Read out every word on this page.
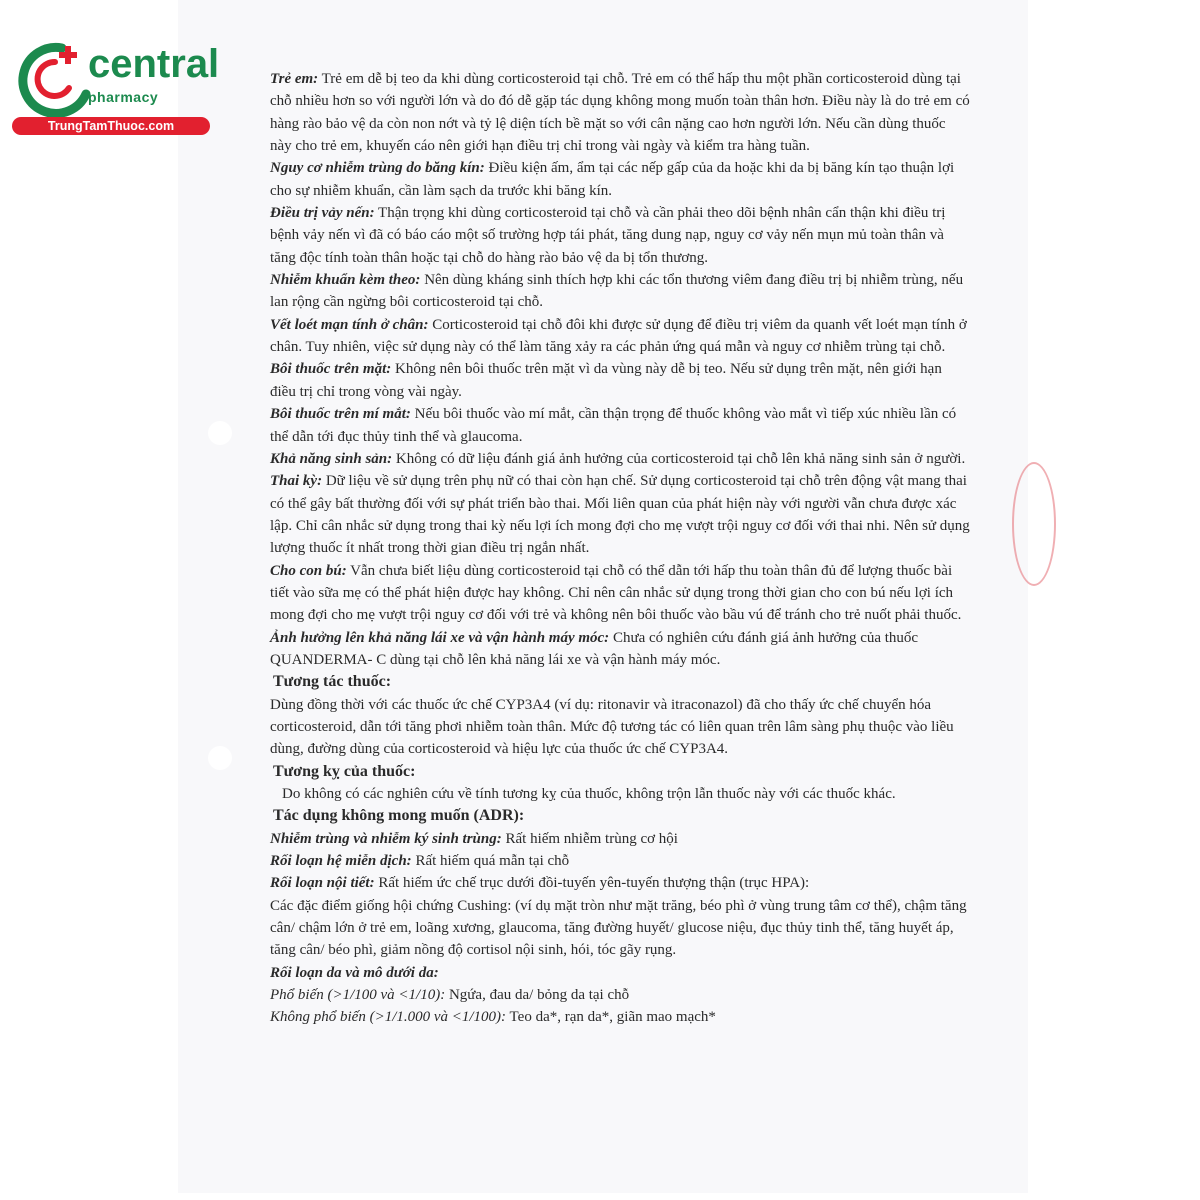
central
pharmacy
TrungTamThuoc.com

Trẻ em: Trẻ em dễ bị teo da khi dùng corticosteroid tại chỗ. Trẻ em có thể hấp thu một phần corticosteroid dùng tại chỗ nhiều hơn so với người lớn và do đó dễ gặp tác dụng không mong muốn toàn thân hơn. Điều này là do trẻ em có hàng rào bảo vệ da còn non nớt và tỷ lệ diện tích bề mặt so với cân nặng cao hơn người lớn. Nếu cần dùng thuốc này cho trẻ em, khuyến cáo nên giới hạn điều trị chỉ trong vài ngày và kiểm tra hàng tuần.

Nguy cơ nhiễm trùng do băng kín: Điều kiện ấm, ẩm tại các nếp gấp của da hoặc khi da bị băng kín tạo thuận lợi cho sự nhiễm khuẩn, cần làm sạch da trước khi băng kín.

Điều trị vảy nến: Thận trọng khi dùng corticosteroid tại chỗ và cần phải theo dõi bệnh nhân cẩn thận khi điều trị bệnh vảy nến vì đã có báo cáo một số trường hợp tái phát, tăng dung nạp, nguy cơ vảy nến mụn mủ toàn thân và tăng độc tính toàn thân hoặc tại chỗ do hàng rào bảo vệ da bị tổn thương.

Nhiễm khuẩn kèm theo: Nên dùng kháng sinh thích hợp khi các tổn thương viêm đang điều trị bị nhiễm trùng, nếu lan rộng cần ngừng bôi corticosteroid tại chỗ.

Vết loét mạn tính ở chân: Corticosteroid tại chỗ đôi khi được sử dụng để điều trị viêm da quanh vết loét mạn tính ở chân. Tuy nhiên, việc sử dụng này có thể làm tăng xảy ra các phản ứng quá mẫn và nguy cơ nhiễm trùng tại chỗ.

Bôi thuốc trên mặt: Không nên bôi thuốc trên mặt vì da vùng này dễ bị teo. Nếu sử dụng trên mặt, nên giới hạn điều trị chỉ trong vòng vài ngày.

Bôi thuốc trên mí mắt: Nếu bôi thuốc vào mí mắt, cần thận trọng để thuốc không vào mắt vì tiếp xúc nhiều lần có thể dẫn tới đục thủy tinh thể và glaucoma.

Khả năng sinh sản: Không có dữ liệu đánh giá ảnh hưởng của corticosteroid tại chỗ lên khả năng sinh sản ở người.

Thai kỳ: Dữ liệu về sử dụng trên phụ nữ có thai còn hạn chế. Sử dụng corticosteroid tại chỗ trên động vật mang thai có thể gây bất thường đối với sự phát triển bào thai. Mối liên quan của phát hiện này với người vẫn chưa được xác lập. Chỉ cân nhắc sử dụng trong thai kỳ nếu lợi ích mong đợi cho mẹ vượt trội nguy cơ đối với thai nhi. Nên sử dụng lượng thuốc ít nhất trong thời gian điều trị ngắn nhất.

Cho con bú: Vẫn chưa biết liệu dùng corticosteroid tại chỗ có thể dẫn tới hấp thu toàn thân đủ để lượng thuốc bài tiết vào sữa mẹ có thể phát hiện được hay không. Chỉ nên cân nhắc sử dụng trong thời gian cho con bú nếu lợi ích mong đợi cho mẹ vượt trội nguy cơ đối với trẻ và không nên bôi thuốc vào bầu vú để tránh cho trẻ nuốt phải thuốc.

Ảnh hưởng lên khả năng lái xe và vận hành máy móc: Chưa có nghiên cứu đánh giá ảnh hưởng của thuốc QUANDERMA- C dùng tại chỗ lên khả năng lái xe và vận hành máy móc.

Tương tác thuốc:

Dùng đồng thời với các thuốc ức chế CYP3A4 (ví dụ: ritonavir và itraconazol) đã cho thấy ức chế chuyển hóa corticosteroid, dẫn tới tăng phơi nhiễm toàn thân. Mức độ tương tác có liên quan trên lâm sàng phụ thuộc vào liều dùng, đường dùng của corticosteroid và hiệu lực của thuốc ức chế CYP3A4.

Tương kỵ của thuốc:

Do không có các nghiên cứu về tính tương kỵ của thuốc, không trộn lẫn thuốc này với các thuốc khác.

Tác dụng không mong muốn (ADR):

Nhiễm trùng và nhiễm ký sinh trùng: Rất hiếm nhiễm trùng cơ hội

Rối loạn hệ miễn dịch: Rất hiếm quá mẫn tại chỗ

Rối loạn nội tiết: Rất hiếm ức chế trục dưới đồi-tuyến yên-tuyến thượng thận (trục HPA):

Các đặc điểm giống hội chứng Cushing: (ví dụ mặt tròn như mặt trăng, béo phì ở vùng trung tâm cơ thể), chậm tăng cân/ chậm lớn ở trẻ em, loãng xương, glaucoma, tăng đường huyết/ glucose niệu, đục thủy tinh thể, tăng huyết áp, tăng cân/ béo phì, giảm nồng độ cortisol nội sinh, hói, tóc gãy rụng.

Rối loạn da và mô dưới da:

Phổ biến (>1/100 và <1/10): Ngứa, đau da/ bỏng da tại chỗ

Không phổ biến (>1/1.000 và <1/100): Teo da*, rạn da*, giãn mao mạch*
